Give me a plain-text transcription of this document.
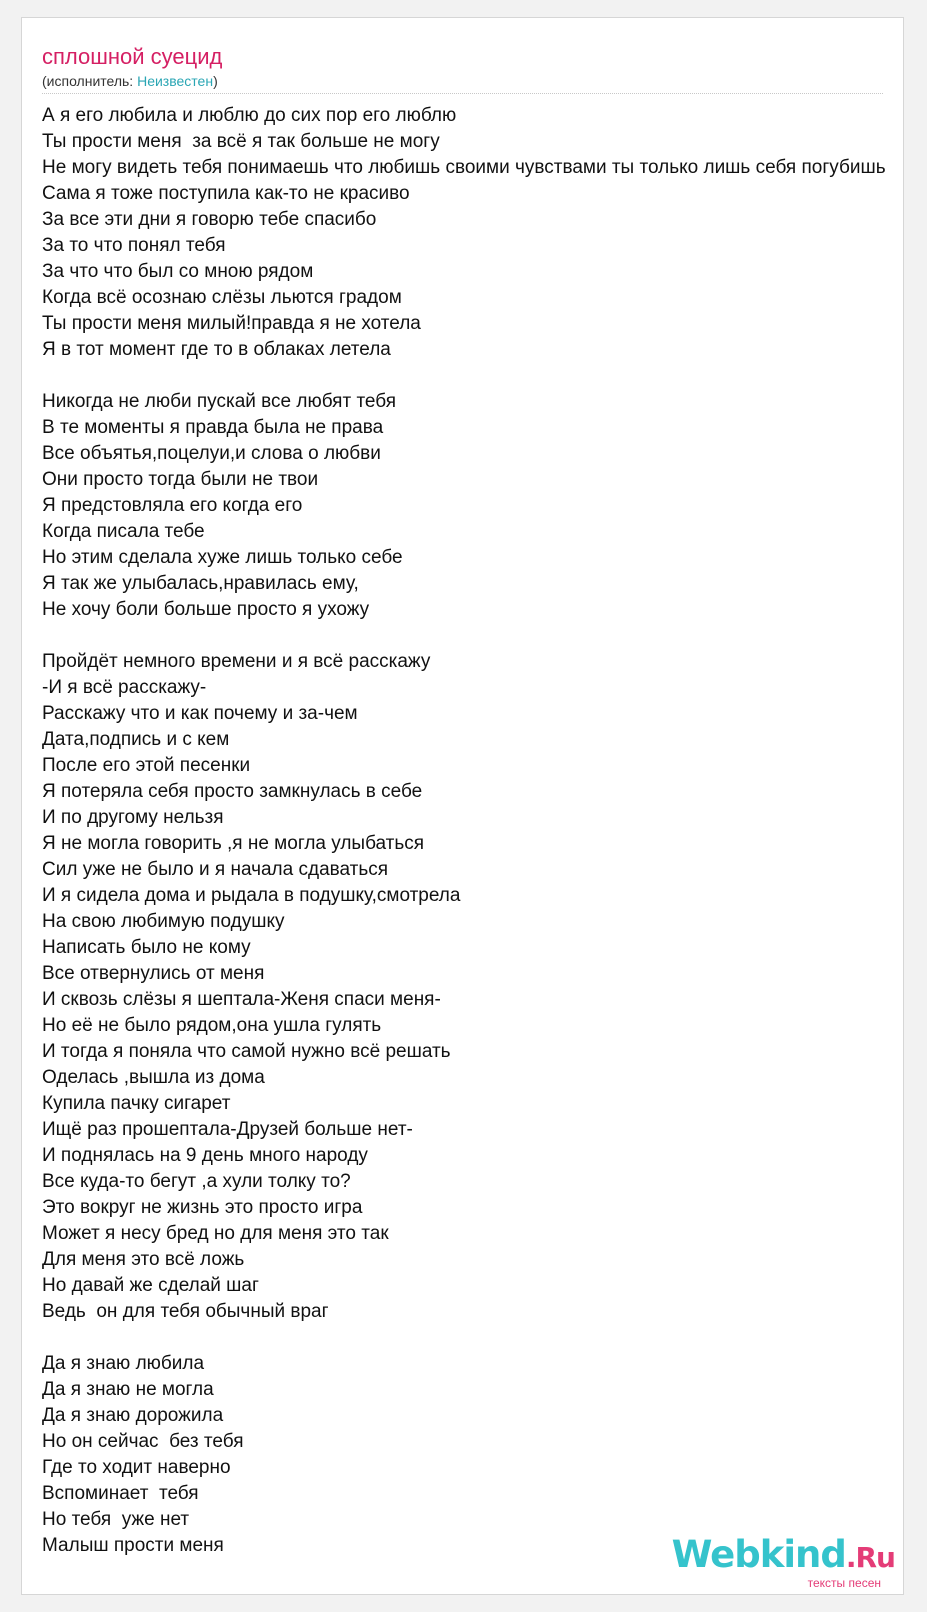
сплошной суецид
(исполнитель: Неизвестен)
А я его любила и люблю до сих пор его люблю
Ты прости меня  за всё я так больше не могу
Не могу видеть тебя понимаешь что любишь своими чувствами ты только лишь себя погубишь
Сама я тоже поступила как-то не красиво
За все эти дни я говорю тебе спасибо
За то что понял тебя
За что что был со мною рядом
Когда всё осознаю слёзы льются градом
Ты прости меня милый!правда я не хотела
Я в тот момент где то в облаках летела
Никогда не люби пускай все любят тебя
В те моменты я правда была не права
Все объятья,поцелуи,и слова о любви
Они просто тогда были не твои
Я предстовляла его когда его
Когда писала тебе
Но этим сделала хуже лишь только себе
Я так же улыбалась,нравилась ему,
Не хочу боли больше просто я ухожу
Пройдёт немного времени и я всё расскажу
-И я всё расскажу-
Расскажу что и как почему и за-чем
Дата,подпись и с кем
После его этой песенки
Я потеряла себя просто замкнулась в себе
И по другому нельзя
Я не могла говорить ,я не могла улыбаться
Сил уже не было и я начала сдаваться
И я сидела дома и рыдала в подушку,смотрела
На свою любимую подушку
Написать было не кому
Все отвернулись от меня
И сквозь слёзы я шептала-Женя спаси меня-
Но её не было рядом,она ушла гулять
И тогда я поняла что самой нужно всё решать
Оделась ,вышла из дома
Купила пачку сигарет
Ищё раз прошептала-Друзей больше нет-
И поднялась на 9 день много народу
Все куда-то бегут ,а хули толку то?
Это вокруг не жизнь это просто игра
Может я несу бред но для меня это так
Для меня это всё ложь
Но давай же сделай шаг
Ведь  он для тебя обычный враг
Да я знаю любила
Да я знаю не могла
Да я знаю дорожила
Но он сейчас  без тебя
Где то ходит наверно
Вспоминает  тебя
Но тебя  уже нет
Малыш прости меня	Webkind.Ru
тексты песен
